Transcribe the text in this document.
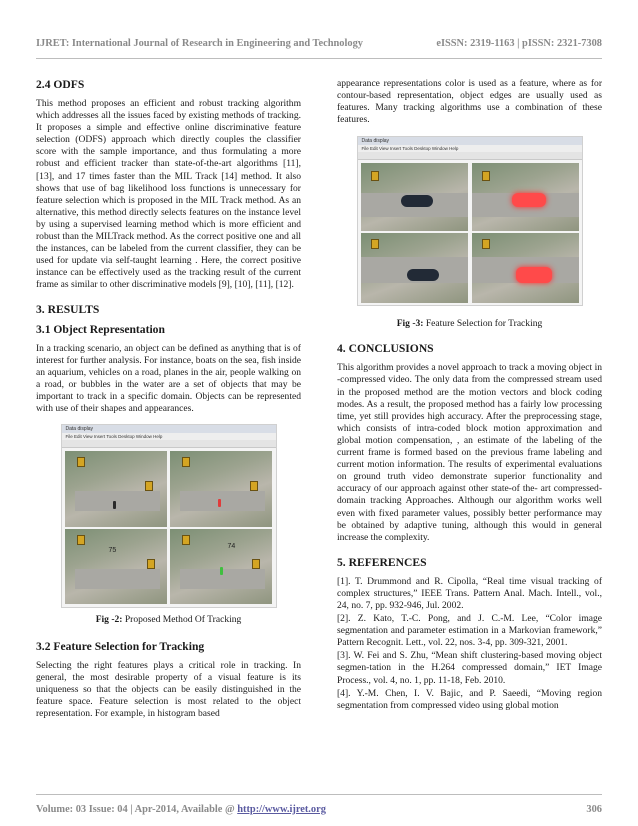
IJRET: International Journal of Research in Engineering and Technology	eISSN: 2319-1163 | pISSN: 2321-7308
2.4 ODFS

This method proposes an efficient and robust tracking algorithm which addresses all the issues faced by existing methods of tracking. It proposes a simple and effective online discriminative feature selection (ODFS) approach which directly couples the classifier score with the sample importance, and thus formulating a more robust and efficient tracker than state-of-the-art algorithms [11], [13], and 17 times faster than the MIL Track [14] method. It also shows that use of bag likelihood loss functions is unnecessary for feature selection which is proposed in the MIL Track method. As an alternative, this method directly selects features on the instance level by using a supervised learning method which is more efficient and robust than the MILTrack method. As the correct positive one and all the instances, can be labeled from the current classifier, they can be used for update via self-taught learning . Here, the correct positive instance can be effectively used as the tracking result of the current frame as similar to other discriminative models [9], [10], [11], [12].

3. RESULTS
3.1 Object Representation

In a tracking scenario, an object can be defined as anything that is of interest for further analysis. For instance, boats on the sea, fish inside an aquarium, vehicles on a road, planes in the air, people walking on a road, or bubbles in the water are a set of objects that may be important to track in a specific domain. Objects can be represented with use of their shapes and appearances.

Data display
File Edit View Insert Tools Desktop Window Help
75
74
Fig -2: Proposed Method Of Tracking
3.2 Feature Selection for Tracking

Selecting the right features plays a critical role in tracking. In general, the most desirable property of a visual feature is its uniqueness so that the objects can be easily distinguished in the feature space. Feature selection is most related to the object representation. For example, in histogram based

appearance representations color is used as a feature, where as for contour-based representation, object edges are usually used as features. Many tracking algorithms use a combination of these features.

Data display
File Edit View Insert Tools Desktop Window Help
Fig -3: Feature Selection for Tracking
4. CONCLUSIONS

This algorithm provides a novel approach to track a moving object in -compressed video. The only data from the compressed stream used in the proposed method are the motion vectors and block coding modes. As a result, the proposed method has a fairly low processing time, yet still provides high accuracy. After the preprocessing stage, which consists of intra-coded block motion approximation and global motion compensation, , an estimate of the labeling of the current frame is formed based on the previous frame labeling and current motion information. The results of experimental evaluations on ground truth video demonstrate superior functionality and accuracy of our approach against other state-of the- art compressed-domain tracking Approaches. Although our algorithm works well even with fixed parameter values, possibly better performance may be obtained by adaptive tuning, although this would in general increase the complexity.

5. REFERENCES

[1]. T. Drummond and R. Cipolla, “Real time visual tracking of complex structures,” IEEE Trans. Pattern Anal. Mach. Intell., vol., 24, no. 7, pp. 932-946, Jul. 2002.

[2]. Z. Kato, T.-C. Pong, and J. C.-M. Lee, “Color image segmentation and parameter estimation in a Markovian framework,” Pattern Recognit. Lett., vol. 22, nos. 3-4, pp. 309-321, 2001.

[3]. W. Fei and S. Zhu, “Mean shift clustering-based moving object segmen-tation in the H.264 compressed domain,” IET Image Process., vol. 4, no. 1, pp. 11-18, Feb. 2010.

[4]. Y.-M. Chen, I. V. Bajic, and P. Saeedi, “Moving region segmentation from compressed video using global motion

Volume: 03 Issue: 04 | Apr-2014, Available @ http://www.ijret.org	306
